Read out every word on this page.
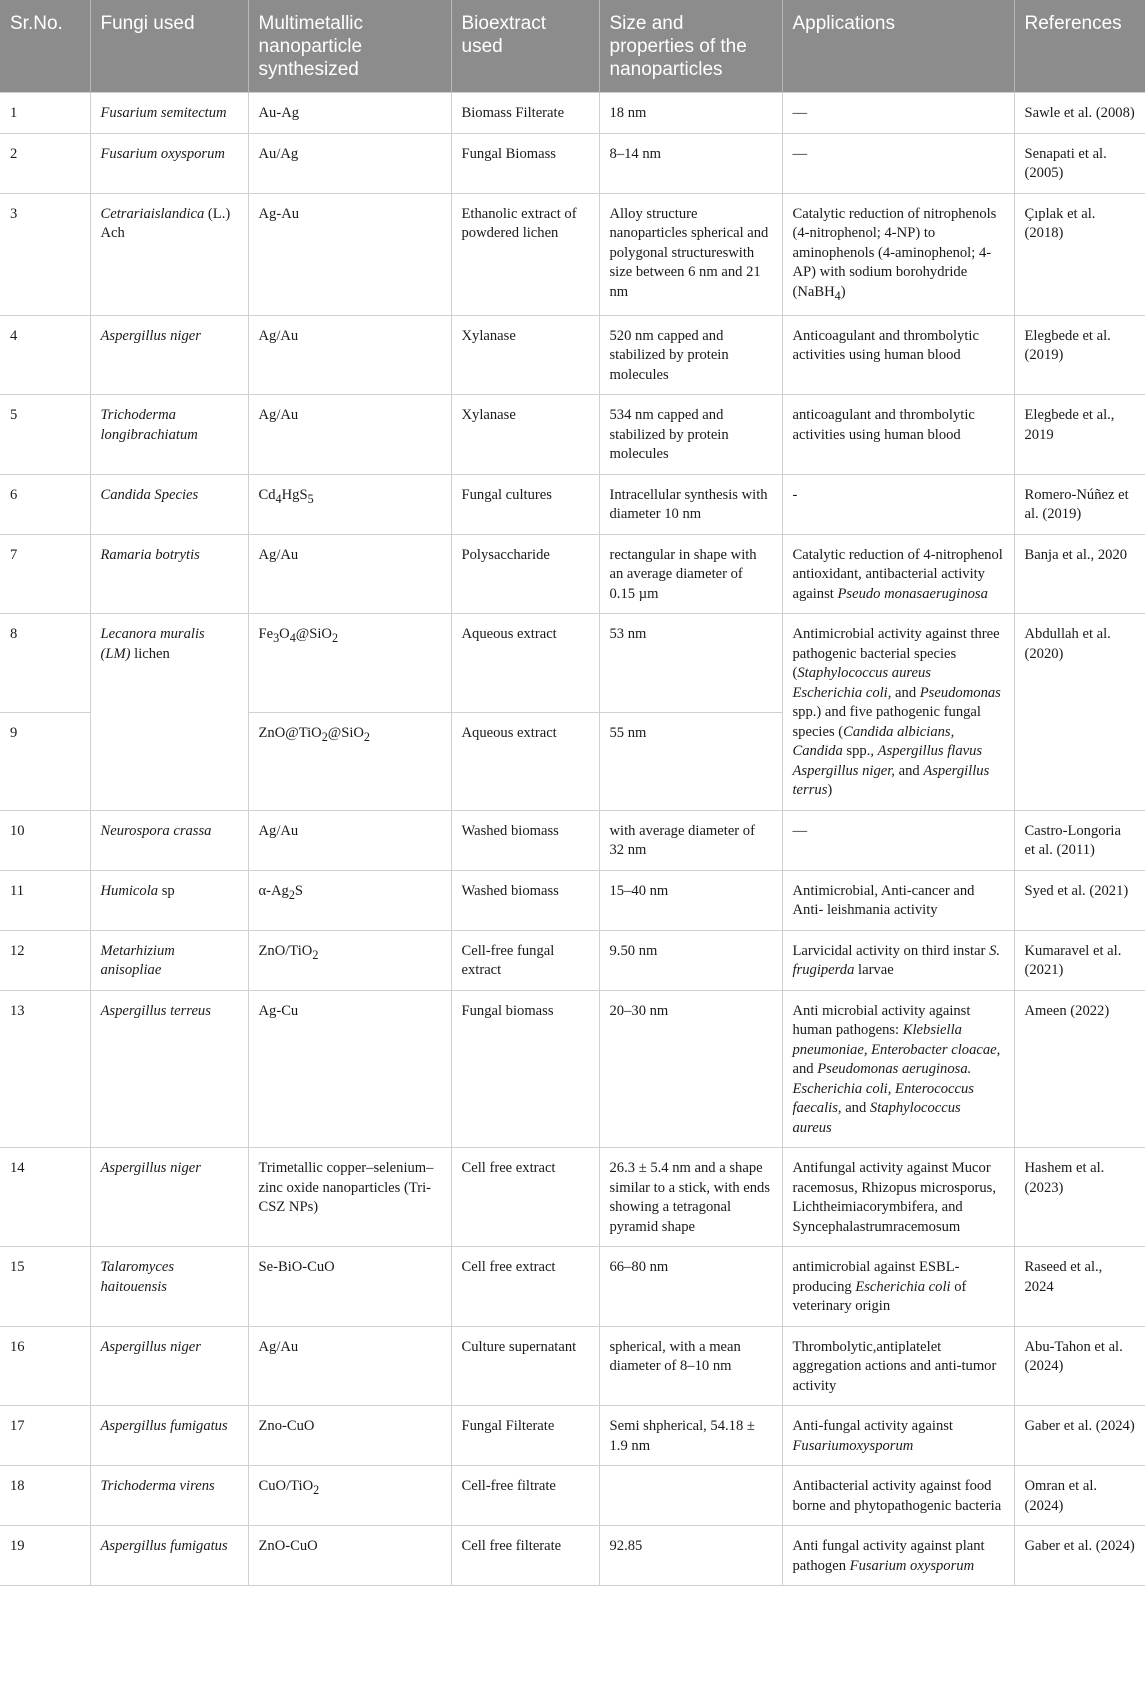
Sr.No.	Fungi used	Multimetallic nanoparticle synthesized	Bioextract used	Size and properties of the nanoparticles	Applications	References
1	Fusarium semitectum	Au-Ag	Biomass Filterate	18 nm	—	Sawle et al. (2008)
2	Fusarium oxysporum	Au/Ag	Fungal Biomass	8–14 nm	—	Senapati et al. (2005)
3	Cetrariaislandica (L.) Ach	Ag-Au	Ethanolic extract of powdered lichen	Alloy structure nanoparticles spherical and polygonal structureswith size between 6 nm and 21 nm	Catalytic reduction of nitrophenols (4-nitrophenol; 4-NP) to aminophenols (4-aminophenol; 4-AP) with sodium borohydride (NaBH$_4$)	Çıplak et al. (2018)
4	Aspergillus niger	Ag/Au	Xylanase	520 nm capped and stabilized by protein molecules	Anticoagulant and thrombolytic activities using human blood	Elegbede et al. (2019)
5	Trichoderma longibrachiatum	Ag/Au	Xylanase	534 nm capped and stabilized by protein molecules	anticoagulant and thrombolytic activities using human blood	Elegbede et al., 2019
6	Candida Species	$Cd_4HgS_5$	Fungal cultures	Intracellular synthesis with diameter 10 nm	-	Romero-Núñez et al. (2019)
7	Ramaria botrytis	Ag/Au	Polysaccharide	rectangular in shape with an average diameter of 0.15 µm	Catalytic reduction of 4-nitrophenol antioxidant, antibacterial activity against Pseudo monasaeruginosa	Banja et al., 2020
8	Lecanora muralis (LM) lichen	$Fe_3O_4@SiO_2$	Aqueous extract	53 nm	Antimicrobial activity against three pathogenic bacterial species (Staphylococcus aureus Escherichia coli, and Pseudomonas spp.) and five pathogenic fungal species (Candida albicians, Candida spp., Aspergillus flavus Aspergillus niger, and Aspergillus terrus)	Abdullah et al. (2020)
9		ZnO@TiO$_2$@SiO$_2$	Aqueous extract	55 nm		
10	Neurospora crassa	Ag/Au	Washed biomass	with average diameter of 32 nm	—	Castro-Longoria et al. (2011)
11	Humicola sp	$\alpha-Ag_2S$	Washed biomass	15–40 nm	Antimicrobial, Anti-cancer and Anti- leishmania activity	Syed et al. (2021)
12	Metarhizium anisopliae	ZnO/TiO$_2$	Cell-free fungal extract	9.50 nm	Larvicidal activity on third instar S. frugiperda larvae	Kumaravel et al. (2021)
13	Aspergillus terreus	Ag-Cu	Fungal biomass	20–30 nm	Anti microbial activity against human pathogens: Klebsiella pneumoniae, Enterobacter cloacae, and Pseudomonas aeruginosa. Escherichia coli, Enterococcus faecalis, and Staphylococcus aureus	Ameen (2022)
14	Aspergillus niger	Trimetallic copper–selenium–zinc oxide nanoparticles (Tri-CSZ NPs)	Cell free extract	26.3 ± 5.4 nm and a shape similar to a stick, with ends showing a tetragonal pyramid shape	Antifungal activity against Mucor racemosus, Rhizopus microsporus, Lichtheimiacorymbifera, and Syncephalastrumracemosum	Hashem et al. (2023)
15	Talaromyces haitouensis	Se-BiO-CuO	Cell free extract	66–80 nm	antimicrobial against ESBL-producing Escherichia coli of veterinary origin	Raseed et al., 2024
16	Aspergillus niger	Ag/Au	Culture supernatant	spherical, with a mean diameter of 8–10 nm	Thrombolytic,antiplatelet aggregation actions and anti-tumor activity	Abu-Tahon et al. (2024)
17	Aspergillus fumigatus	Zno-CuO	Fungal Filterate	Semi shpherical, 54.18 ± 1.9 nm	Anti-fungal activity against Fusariumoxysporum	Gaber et al. (2024)
18	Trichoderma virens	CuO/TiO$_2$	Cell-free filtrate		Antibacterial activity against food borne and phytopathogenic bacteria	Omran et al. (2024)
19	Aspergillus fumigatus	ZnO-CuO	Cell free filterate	92.85	Anti fungal activity against plant pathogen Fusarium oxysporum	Gaber et al. (2024)
